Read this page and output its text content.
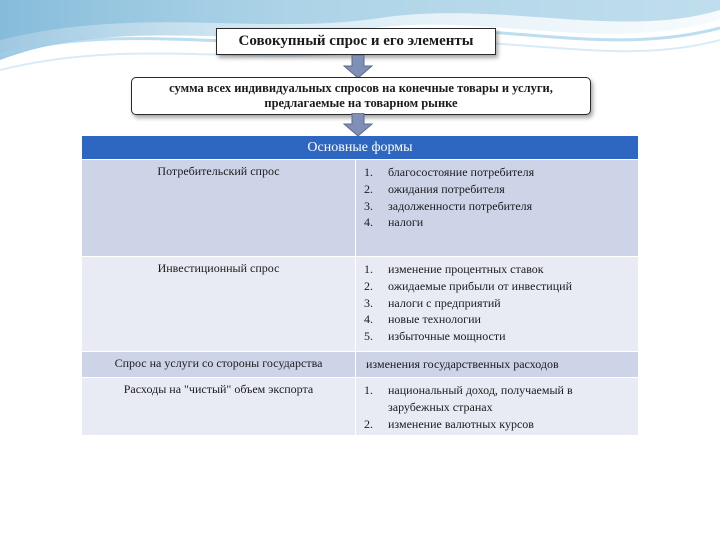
Совокупный спрос и его элементы
сумма всех индивидуальных спросов на конечные товары и услуги,
предлагаемые на товарном рынке
Основные формы
Потребительский спрос	1.	благосостояние потребителя
2.	ожидания потребителя
3.	задолженности потребителя
4.	налоги
Инвестиционный спрос	1.	изменение процентных ставок
2.	ожидаемые прибыли от инвестиций
3.	налоги с предприятий
4.	новые технологии
5.	избыточные мощности
Спрос на услуги со стороны государства	изменения государственных расходов
Расходы на "чистый" объем экспорта	1.	национальный доход, получаемый в зарубежных странах
2.	изменение валютных курсов
